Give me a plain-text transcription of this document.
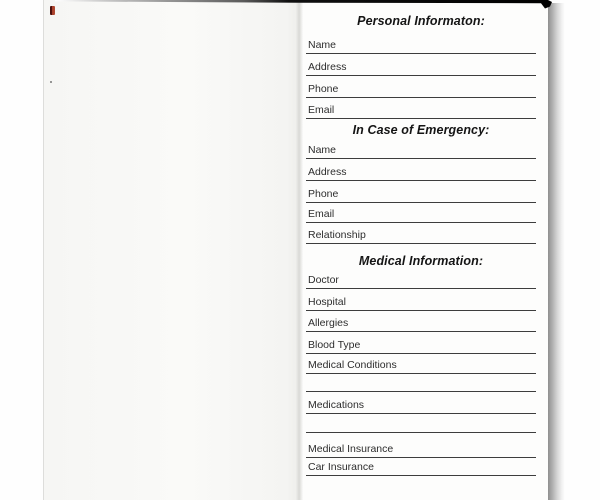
Personal Informaton:
Name
Address
Phone
Email
In Case of Emergency:
Name
Address
Phone
Email
Relationship
Medical Information:
Doctor
Hospital
Allergies
Blood Type
Medical Conditions
Medications
Medical Insurance
Car Insurance
